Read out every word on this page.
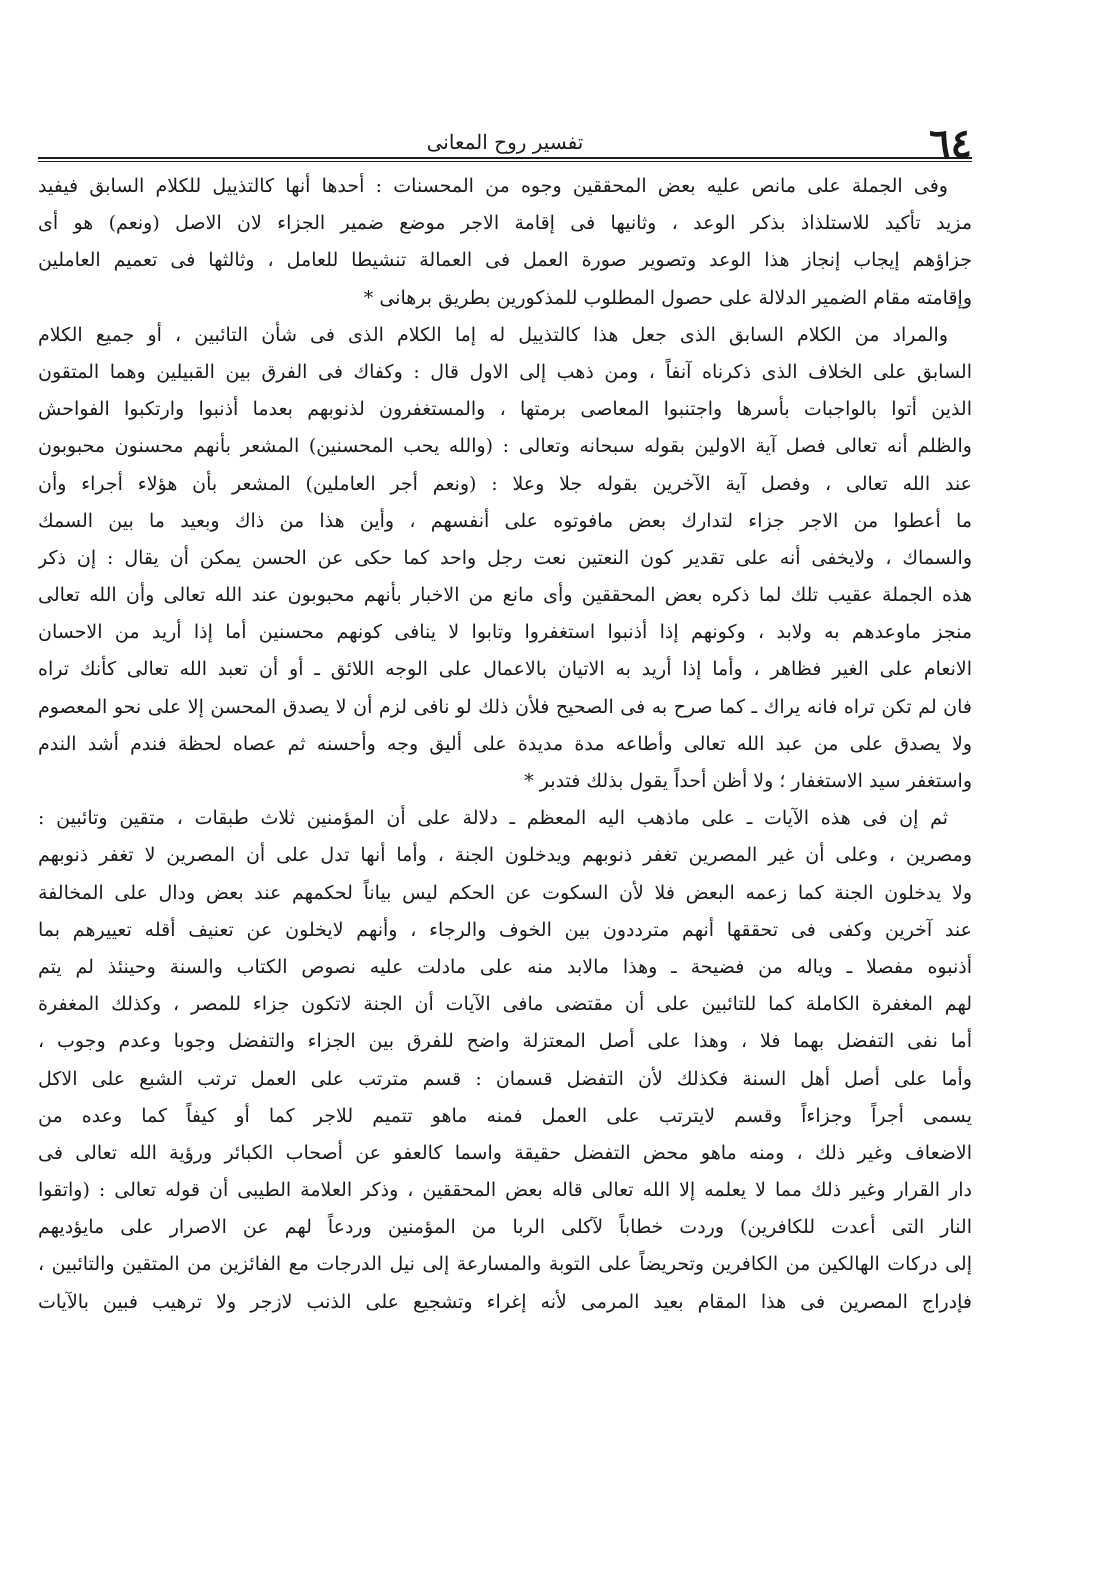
٦٤
تفسير روح المعانى
وفى الجملة على مانص عليه بعض المحققين وجوه من المحسنات : أحدها أنها كالتذييل للكلام السابق فيفيد
مزيد تأكيد للاستلذاذ بذكر الوعد ، وثانيها فى إقامة الاجر موضع ضمير الجزاء لان الاصل (ونعم) هو أى
جزاؤهم إيجاب إنجاز هذا الوعد وتصوير صورة العمل فى العمالة تنشيطا للعامل ، وثالثها فى تعميم العاملين
وإقامته مقام الضمير الدلالة على حصول المطلوب للمذكورين بطريق برهانى *
والمراد من الكلام السابق الذى جعل هذا كالتذييل له إما الكلام الذى فى شأن التائبين ، أو جميع الكلام
السابق على الخلاف الذى ذكرناه آنفاً ، ومن ذهب إلى الاول قال : وكفاك فى الفرق بين القبيلين وهما المتقون
الذين أتوا بالواجبات بأسرها واجتنبوا المعاصى برمتها ، والمستغفرون لذنوبهم بعدما أذنبوا وارتكبوا الفواحش
والظلم أنه تعالى فصل آية الاولين بقوله سبحانه وتعالى : (والله يحب المحسنين) المشعر بأنهم محسنون محبوبون
عند الله تعالى ، وفصل آية الآخرين بقوله جلا وعلا : (ونعم أجر العاملين) المشعر بأن هؤلاء أجراء وأن
ما أعطوا من الاجر جزاء لتدارك بعض مافوتوه على أنفسهم ، وأين هذا من ذاك وبعيد ما بين السمك
والسماك ، ولايخفى أنه على تقدير كون النعتين نعت رجل واحد كما حكى عن الحسن يمكن أن يقال : إن ذكر
هذه الجملة عقيب تلك لما ذكره بعض المحققين وأى مانع من الاخبار بأنهم محبوبون عند الله تعالى وأن الله تعالى
منجز ماوعدهم به ولابد ، وكونهم إذا أذنبوا استغفروا وتابوا لا ينافى كونهم محسنين أما إذا أريد من الاحسان
الانعام على الغير فظاهر ، وأما إذا أريد به الاتيان بالاعمال على الوجه اللائق ـ أو أن تعبد الله تعالى كأنك تراه
فان لم تكن تراه فانه يراك ـ كما صرح به فى الصحيح فلأن ذلك لو نافى لزم أن لا يصدق المحسن إلا على نحو المعصوم
ولا يصدق على من عبد الله تعالى وأطاعه مدة مديدة على أليق وجه وأحسنه ثم عصاه لحظة فندم أشد الندم
واستغفر سيد الاستغفار ؛ ولا أظن أحداً يقول بذلك فتدبر *
ثم إن فى هذه الآيات ـ على ماذهب اليه المعظم ـ دلالة على أن المؤمنين ثلاث طبقات ، متقين وتائبين :
ومصرين ، وعلى أن غير المصرين تغفر ذنوبهم ويدخلون الجنة ، وأما أنها تدل على أن المصرين لا تغفر ذنوبهم
ولا يدخلون الجنة كما زعمه البعض فلا لأن السكوت عن الحكم ليس بياناً لحكمهم عند بعض ودال على المخالفة
عند آخرين وكفى فى تحققها أنهم مترددون بين الخوف والرجاء ، وأنهم لايخلون عن تعنيف أقله تعييرهم بما
أذنبوه مفصلا ـ وياله من فضيحة ـ وهذا مالابد منه على مادلت عليه نصوص الكتاب والسنة وحينئذ لم يتم
لهم المغفرة الكاملة كما للتائبين على أن مقتضى مافى الآيات أن الجنة لاتكون جزاء للمصر ، وكذلك المغفرة
أما نفى التفضل بهما فلا ، وهذا على أصل المعتزلة واضح للفرق بين الجزاء والتفضل وجوبا وعدم وجوب ،
وأما على أصل أهل السنة فكذلك لأن التفضل قسمان : قسم مترتب على العمل ترتب الشبع على الاكل
يسمى أجراً وجزاءاً وقسم لايترتب على العمل فمنه ماهو تتميم للاجر كما أو كيفاً كما وعده من
الاضعاف وغير ذلك ، ومنه ماهو محض التفضل حقيقة واسما كالعفو عن أصحاب الكبائر ورؤية الله تعالى فى
دار القرار وغير ذلك مما لا يعلمه إلا الله تعالى قاله بعض المحققين ، وذكر العلامة الطيبى أن قوله تعالى : (واتقوا
النار التى أعدت للكافرين) وردت خطاباً لآكلى الربا من المؤمنين وردعاً لهم عن الاصرار على مايؤديهم
إلى دركات الهالكين من الكافرين وتحريضاً على التوبة والمسارعة إلى نيل الدرجات مع الفائزين من المتقين والتائبين ،
فإدراج المصرين فى هذا المقام بعيد المرمى لأنه إغراء وتشجيع على الذنب لازجر ولا ترهيب فبين بالآيات
